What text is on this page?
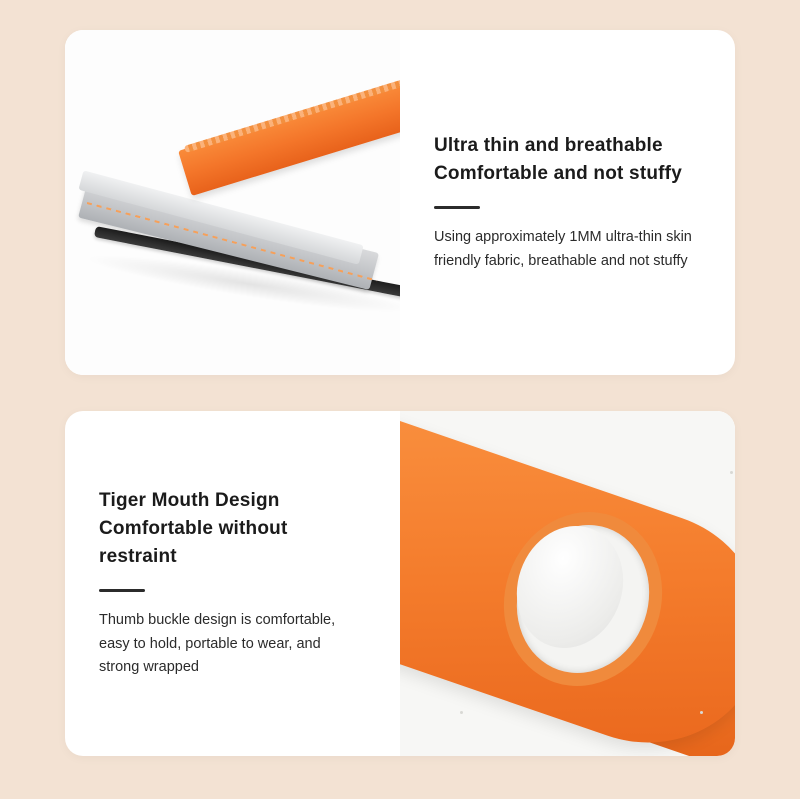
Ultra thin and breathable
Comfortable and not stuffy
Using approximately 1MM ultra-thin skin
friendly fabric, breathable and not stuffy
Tiger Mouth Design
Comfortable without restraint
Thumb buckle design is comfortable,
easy to hold, portable to wear, and
strong wrapped
